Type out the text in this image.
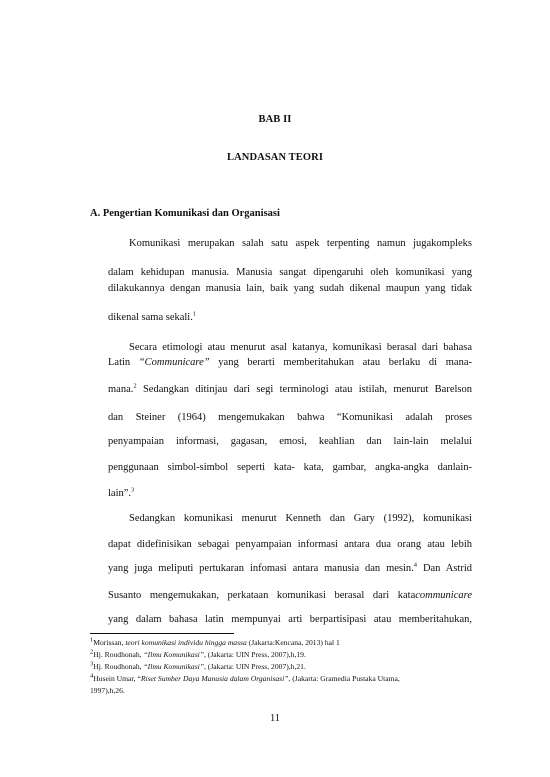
BAB II
LANDASAN TEORI
A. Pengertian Komunikasi dan Organisasi
Komunikasi merupakan salah satu aspek terpenting namun jugakompleks
dalam kehidupan manusia. Manusia sangat dipengaruhi oleh komunikasi yang
dilakukannya dengan manusia lain, baik yang sudah dikenal maupun yang tidak
dikenal sama sekali.$^1$
Secara etimologi atau menurut asal katanya, komunikasi berasal dari bahasa
Latin “Communicare” yang berarti memberitahukan atau berlaku di mana-
mana.$^2$ Sedangkan ditinjau dari segi terminologi atau istilah, menurut Barelson
dan Steiner (1964) mengemukakan bahwa “Komunikasi adalah proses
penyampaian informasi, gagasan, emosi, keahlian dan lain-lain melalui
penggunaan simbol-simbol seperti kata- kata, gambar, angka-angka danlain-
lain”.$^3$
Sedangkan komunikasi menurut Kenneth dan Gary (1992), komunikasi
dapat didefinisikan sebagai penyampaian informasi antara dua orang atau lebih
yang juga meliputi pertukaran infomasi antara manusia dan mesin.$^4$ Dan Astrid
Susanto mengemukakan, perkataan komunikasi berasal dari katacommunicare
yang dalam bahasa latin mempunyai arti berpartisipasi atau memberitahukan,
$^1$Morissan, teori komunikasi individu hingga massa (Jakarta:Kencana, 2013) hal 1
$^2$Hj. Roudhonah, “Ilmu Komunikasi”, (Jakarta: UIN Press, 2007),h,19.
$^3$Hj. Roudhonah, “Ilmu Komunikasi”, (Jakarta: UIN Press, 2007),h,21.
$^4$Husein Umar, “Riset Sumber Daya Manusia dalam Organisasi”, (Jakarta: Gramedia Pustaka Utama,
1997),h,26.
11
